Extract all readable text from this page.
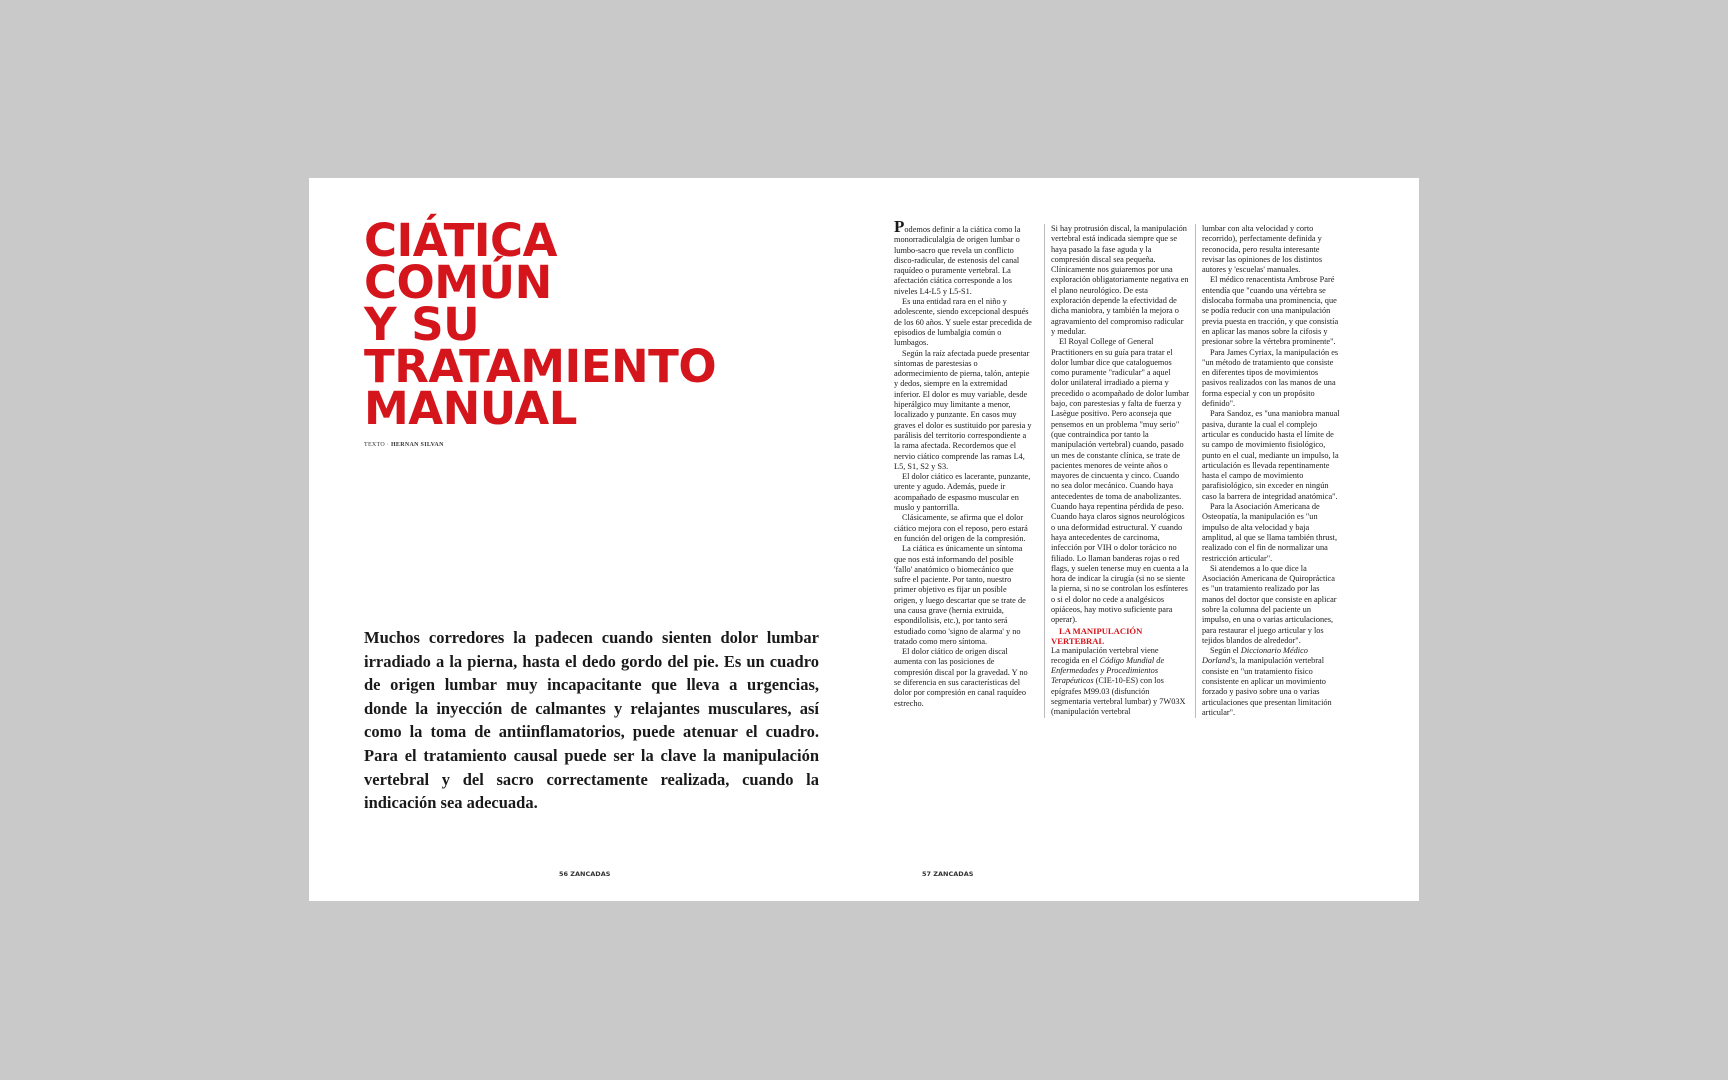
CIÁTICA
COMÚN
Y SU
TRATAMIENTO
MANUAL
TEXTO · HERNAN SILVAN

Muchos corredores la padecen cuando sienten dolor lumbar irradiado a la pierna, hasta el dedo gordo del pie. Es un cuadro de origen lumbar muy incapacitante que lleva a urgencias, donde la inyección de calmantes y relajantes musculares, así como la toma de antiinflamatorios, puede atenuar el cuadro. Para el tratamiento causal puede ser la clave la manipulación vertebral y del sacro correctamente realizada, cuando la indicación sea adecuada.

56 ZANCADAS

Podemos definir a la ciática como la monorradiculalgia de origen lumbar o lumbo-sacro que revela un conflicto disco-radicular, de estenosis del canal raquídeo o puramente vertebral. La afectación ciática corresponde a los niveles L4-L5 y L5-S1.

Es una entidad rara en el niño y adolescente, siendo excepcional después de los 60 años. Y suele estar precedida de episodios de lumbalgia común o lumbagos.

Según la raíz afectada puede presentar síntomas de parestesias o adormecimiento de pierna, talón, antepie y dedos, siempre en la extremidad inferior. El dolor es muy variable, desde hiperálgico muy limitante a menor, localizado y punzante. En casos muy graves el dolor es sustituido por paresia y parálisis del territorio correspondiente a la rama afectada. Recordemos que el nervio ciático comprende las ramas L4, L5, S1, S2 y S3.

El dolor ciático es lacerante, punzante, urente y agudo. Además, puede ir acompañado de espasmo muscular en muslo y pantorrilla.

Clásicamente, se afirma que el dolor ciático mejora con el reposo, pero estará en función del origen de la compresión.

La ciática es únicamente un síntoma que nos está informando del posible 'fallo' anatómico o biomecánico que sufre el paciente. Por tanto, nuestro primer objetivo es fijar un posible origen, y luego descartar que se trate de una causa grave (hernia extruida, espondilolisis, etc.), por tanto será estudiado como 'signo de alarma' y no tratado como mero síntoma.

El dolor ciático de origen discal aumenta con las posiciones de compresión discal por la gravedad. Y no se diferencia en sus características del dolor por compresión en canal raquídeo estrecho.

Si hay protrusión discal, la manipulación vertebral está indicada siempre que se haya pasado la fase aguda y la compresión discal sea pequeña. Clínicamente nos guiaremos por una exploración obligatoriamente negativa en el plano neurológico. De esta exploración depende la efectividad de dicha maniobra, y también la mejora o agravamiento del compromiso radicular y medular.

El Royal College of General Practitioners en su guía para tratar el dolor lumbar dice que cataloguemos como puramente "radicular" a aquel dolor unilateral irradiado a pierna y precedido o acompañado de dolor lumbar bajo, con parestesias y falta de fuerza y Lasègue positivo. Pero aconseja que pensemos en un problema "muy serio" (que contraindica por tanto la manipulación vertebral) cuando, pasado un mes de constante clínica, se trate de pacientes menores de veinte años o mayores de cincuenta y cinco. Cuando no sea dolor mecánico. Cuando haya antecedentes de toma de anabolizantes. Cuando haya repentina pérdida de peso. Cuando haya claros signos neurológicos o una deformidad estructural. Y cuando haya antecedentes de carcinoma, infección por VIH o dolor torácico no filiado. Lo llaman banderas rojas o red flags, y suelen tenerse muy en cuenta a la hora de indicar la cirugía (si no se siente la pierna, si no se controlan los esfínteres o si el dolor no cede a analgésicos opiáceos, hay motivo suficiente para operar).

LA MANIPULACIÓN VERTEBRAL

La manipulación vertebral viene recogida en el Código Mundial de Enfermedades y Procedimientos Terapéuticos (CIE-10-ES) con los epígrafes M99.03 (disfunción segmentaria vertebral lumbar) y 7W03X (manipulación vertebral

lumbar con alta velocidad y corto recorrido), perfectamente definida y reconocida, pero resulta interesante revisar las opiniones de los distintos autores y 'escuelas' manuales.

El médico renacentista Ambrose Paré entendía que "cuando una vértebra se dislocaba formaba una prominencia, que se podía reducir con una manipulación previa puesta en tracción, y que consistía en aplicar las manos sobre la cifosis y presionar sobre la vértebra prominente".

Para James Cyriax, la manipulación es "un método de tratamiento que consiste en diferentes tipos de movimientos pasivos realizados con las manos de una forma especial y con un propósito definido".

Para Sandoz, es "una maniobra manual pasiva, durante la cual el complejo articular es conducido hasta el límite de su campo de movimiento fisiológico, punto en el cual, mediante un impulso, la articulación es llevada repentinamente hasta el campo de movimiento parafisiológico, sin exceder en ningún caso la barrera de integridad anatómica".

Para la Asociación Americana de Osteopatía, la manipulación es "un impulso de alta velocidad y baja amplitud, al que se llama también thrust, realizado con el fin de normalizar una restricción articular".

Si atendemos a lo que dice la Asociación Americana de Quiropráctica es "un tratamiento realizado por las manos del doctor que consiste en aplicar sobre la columna del paciente un impulso, en una o varias articulaciones, para restaurar el juego articular y los tejidos blandos de alrededor".

Según el Diccionario Médico Dorland's, la manipulación vertebral consiste en "un tratamiento físico consistente en aplicar un movimiento forzado y pasivo sobre una o varias articulaciones que presentan limitación articular".

57 ZANCADAS
